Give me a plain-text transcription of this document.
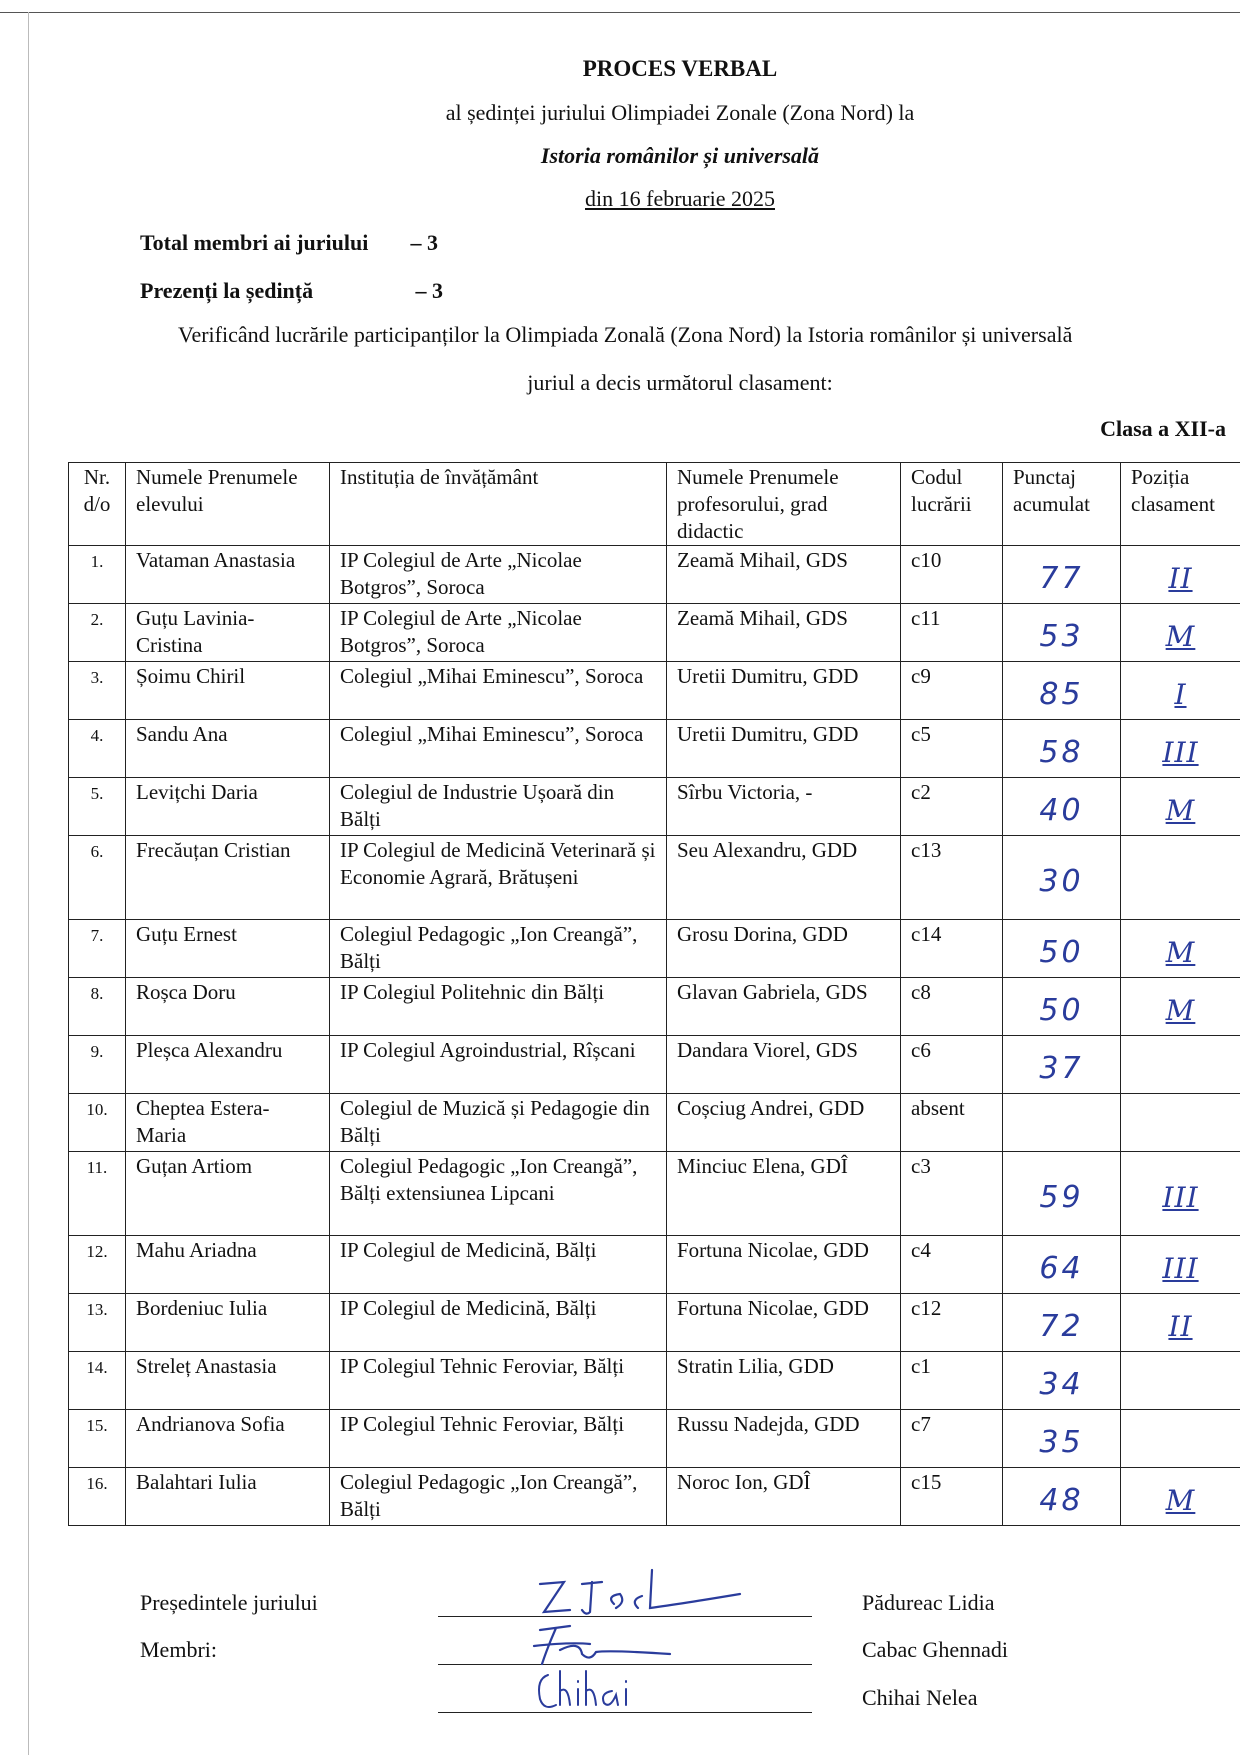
PROCES VERBAL
al ședinței juriului Olimpiadei Zonale (Zona Nord) la
Istoria românilor și universală
din 16 februarie 2025
Total membri ai juriului – 3
Prezenți la ședință	– 3
Verificând lucrările participanților la Olimpiada Zonală (Zona Nord) la Istoria românilor și universală
juriul a decis următorul clasament:
Clasa a XII-a
Nr. d/o	Numele Prenumele elevului	Instituția de învățământ	Numele Prenumele profesorului, grad didactic	Codul lucrării	Punctaj acumulat	Poziția clasament
1.	Vataman Anastasia	IP Colegiul de Arte „Nicolae Botgros”, Soroca	Zeamă Mihail, GDS	c10	77	II
2.	Guțu Lavinia-Cristina	IP Colegiul de Arte „Nicolae Botgros”, Soroca	Zeamă Mihail, GDS	c11	53	M
3.	Șoimu Chiril	Colegiul „Mihai Eminescu”, Soroca	Uretii Dumitru, GDD	c9	85	I
4.	Sandu Ana	Colegiul „Mihai Eminescu”, Soroca	Uretii Dumitru, GDD	c5	58	III
5.	Levițchi Daria	Colegiul de Industrie Ușoară din Bălți	Sîrbu Victoria, -	c2	40	M
6.	Frecăuțan Cristian	IP Colegiul de Medicină Veterinară și Economie Agrară, Brătușeni	Seu Alexandru, GDD	c13	30	
7.	Guțu Ernest	Colegiul Pedagogic „Ion Creangă”, Bălți	Grosu Dorina, GDD	c14	50	M
8.	Roșca Doru	IP Colegiul Politehnic din Bălți	Glavan Gabriela, GDS	c8	50	M
9.	Pleșca Alexandru	IP Colegiul Agroindustrial, Rîșcani	Dandara Viorel, GDS	c6	37	
10.	Cheptea Estera-Maria	Colegiul de Muzică și Pedagogie din Bălți	Coșciug Andrei, GDD	absent		
11.	Guțan Artiom	Colegiul Pedagogic „Ion Creangă”, Bălți extensiunea Lipcani	Minciuc Elena, GDÎ	c3	59	III
12.	Mahu Ariadna	IP Colegiul de Medicină, Bălți	Fortuna Nicolae, GDD	c4	64	III
13.	Bordeniuc Iulia	IP Colegiul de Medicină, Bălți	Fortuna Nicolae, GDD	c12	72	II
14.	Streleț Anastasia	IP Colegiul Tehnic Feroviar, Bălți	Stratin Lilia, GDD	c1	34	
15.	Andrianova Sofia	IP Colegiul Tehnic Feroviar, Bălți	Russu Nadejda, GDD	c7	35	
16.	Balahtari Iulia	Colegiul Pedagogic „Ion Creangă”, Bălți	Noroc Ion, GDÎ	c15	48	M
Președintele juriului
Membri:
Pădureac Lidia
Cabac Ghennadi
Chihai Nelea
